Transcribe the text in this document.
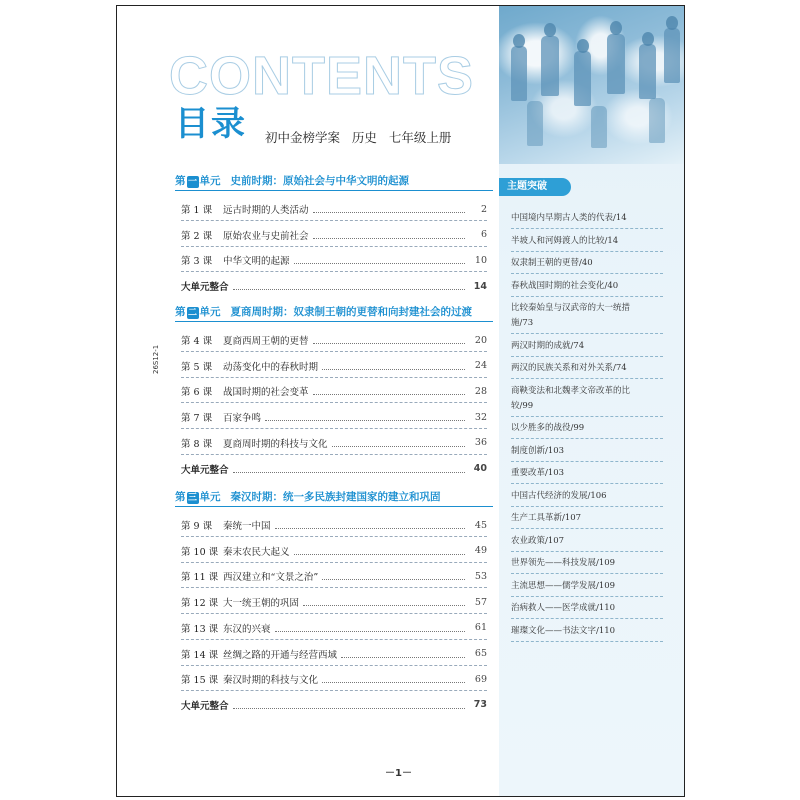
主题突破
中国境内早期古人类的代表/14
半坡人和河姆渡人的比较/14
奴隶制王朝的更替/40
春秋战国时期的社会变化/40
比较秦始皇与汉武帝的大一统措施/73
两汉时期的成就/74
两汉的民族关系和对外关系/74
商鞅变法和北魏孝文帝改革的比较/99
以少胜多的战役/99
制度创新/103
重要改革/103
中国古代经济的发展/106
生产工具革新/107
农业政策/107
世界领先——科技发展/109
主流思想——儒学发展/109
治病救人——医学成就/110
璀璨文化——书法文字/110
CONTENTS
目录 初中金榜学案   历史   七年级上册
第 一 单元 史前时期：原始社会与中华文明的起源
第 1 课	远古时期的人类活动	2
第 2 课	原始农业与史前社会	6
第 3 课	中华文明的起源	10
大单元整合	14
第 二 单元 夏商周时期：奴隶制王朝的更替和向封建社会的过渡
第 4 课	夏商西周王朝的更替	20
第 5 课	动荡变化中的春秋时期	24
第 6 课	战国时期的社会变革	28
第 7 课	百家争鸣	32
第 8 课	夏商周时期的科技与文化	36
大单元整合	40
第 三 单元 秦汉时期：统一多民族封建国家的建立和巩固
第 9 课	秦统一中国	45
第 10 课 秦末农民大起义	49
第 11 课 西汉建立和“文景之治”	53
第 12 课 大一统王朝的巩固	57
第 13 课 东汉的兴衰	61
第 14 课 丝绸之路的开通与经营西域	65
第 15 课 秦汉时期的科技与文化	69
大单元整合	73
26S12-1
－1－
